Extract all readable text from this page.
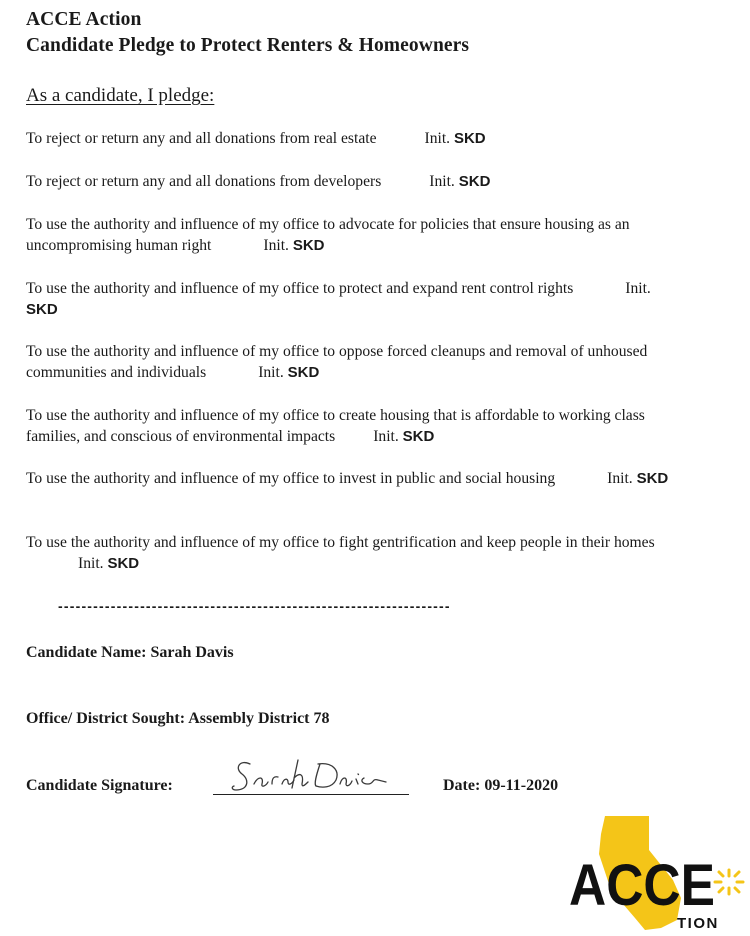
ACCE Action
Candidate Pledge to Protect Renters & Homeowners
As a candidate, I pledge:
To reject or return any and all donations from real estate	Init. SKD
To reject or return any and all donations from developers	Init. SKD
To use the authority and influence of my office to advocate for policies that ensure housing as an uncompromising human right	Init. SKD
To use the authority and influence of my office to protect and expand rent control rights	Init. SKD
To use the authority and influence of my office to oppose forced cleanups and removal of unhoused communities and individuals	Init. SKD
To use the authority and influence of my office to create housing that is affordable to working class families, and conscious of environmental impacts Init. SKD
To use the authority and influence of my office to invest in public and social housing	Init. SKD
To use the authority and influence of my office to fight gentrification and keep people in their homesInit. SKD
-------------------------------------------------------------------
Candidate Name: Sarah Davis
Office/ District Sought: Assembly District 78
Candidate Signature:	Date: 09-11-2020
ACCE
TION
